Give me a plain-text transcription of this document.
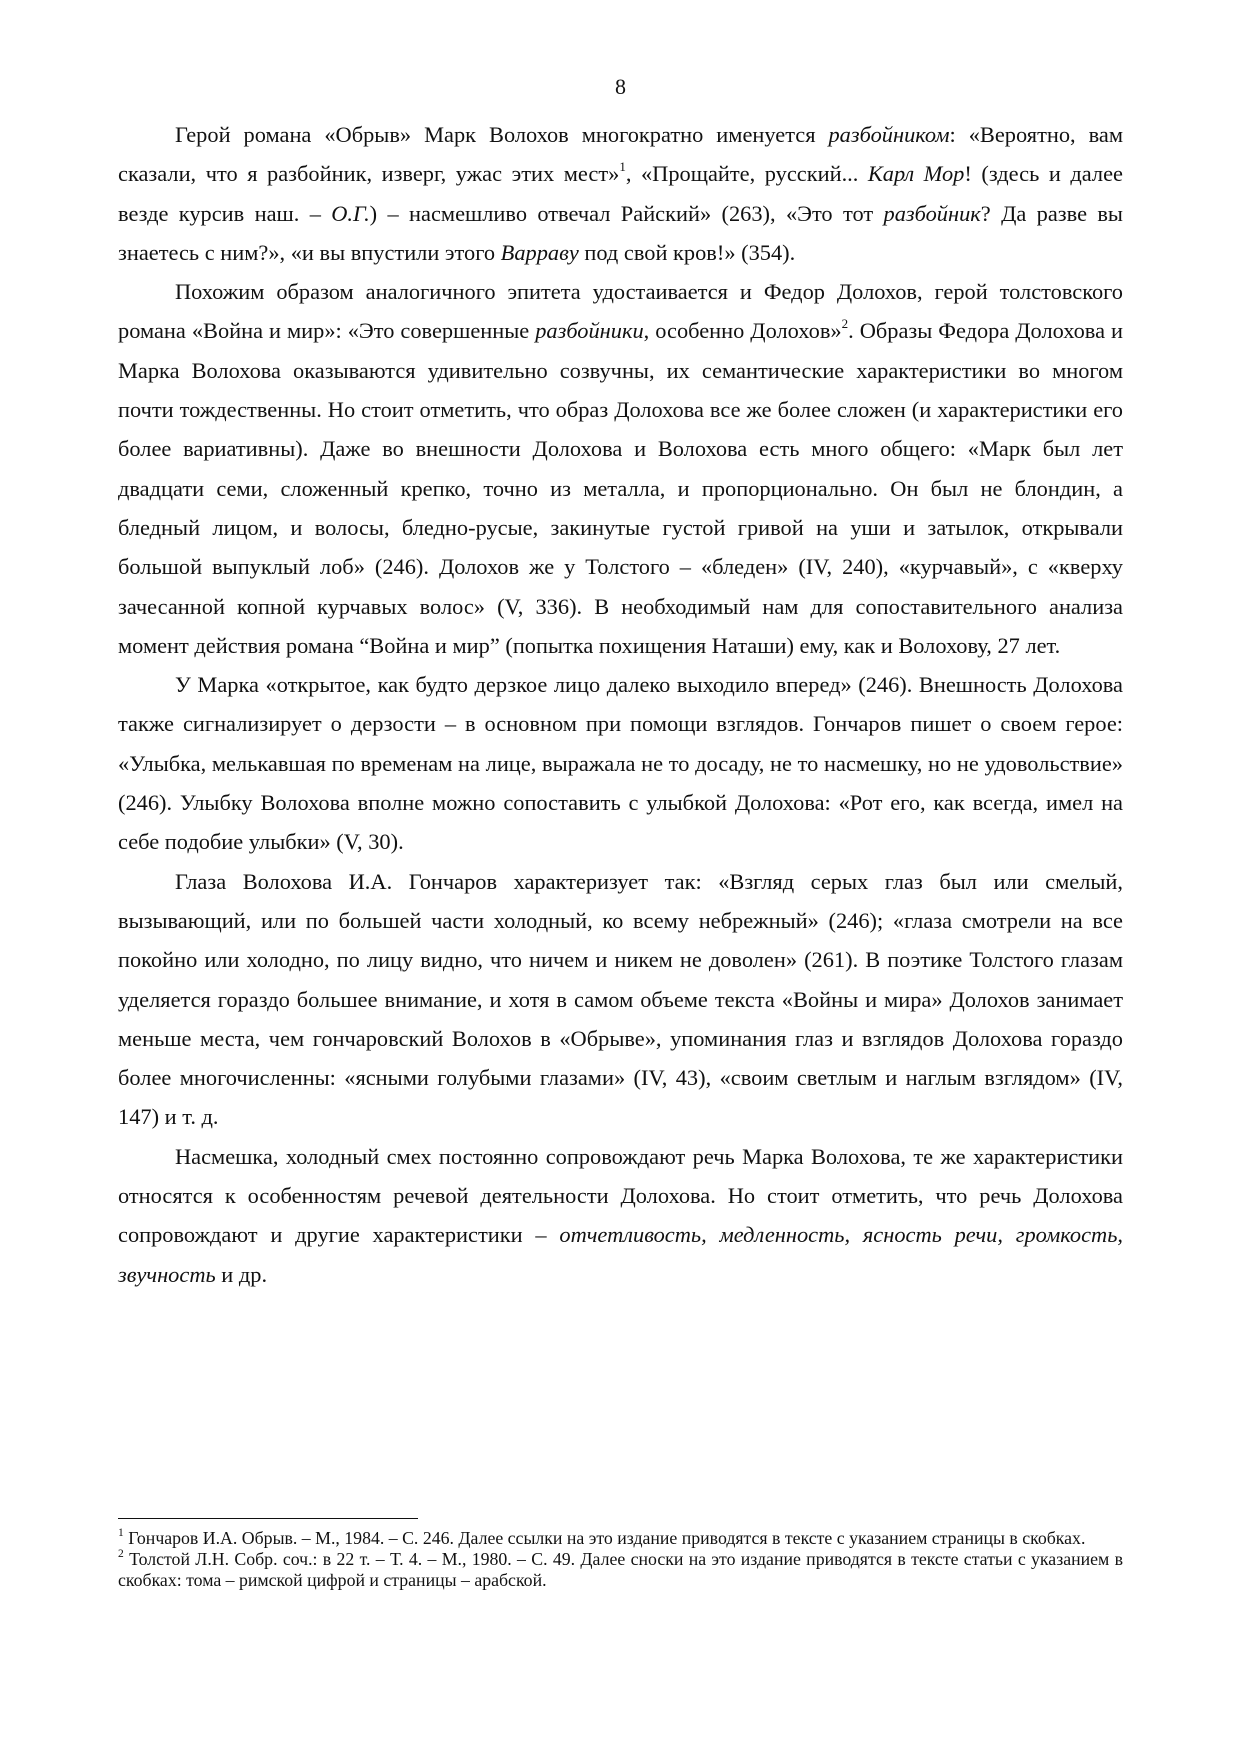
8

Герой романа «Обрыв» Марк Волохов многократно именуется разбойником: «Вероятно, вам сказали, что я разбойник, изверг, ужас этих мест»$^1$, «Прощайте, русский... Карл Мор! (здесь и далее везде курсив наш. – О.Г.) – насмешливо отвечал Райский» (263), «Это тот разбойник? Да разве вы знаетесь с ним?», «и вы впустили этого Варраву под свой кров!» (354).

Похожим образом аналогичного эпитета удостаивается и Федор Долохов, герой толстовского романа «Война и мир»: «Это совершенные разбойники, особенно Долохов»$^2$. Образы Федора Долохова и Марка Волохова оказываются удивительно созвучны, их семантические характеристики во многом почти тождественны. Но стоит отметить, что образ Долохова все же более сложен (и характеристики его более вариативны). Даже во внешности Долохова и Волохова есть много общего: «Марк был лет двадцати семи, сложенный крепко, точно из металла, и пропорционально. Он был не блондин, а бледный лицом, и волосы, бледно-русые, закинутые густой гривой на уши и затылок, открывали большой выпуклый лоб» (246). Долохов же у Толстого – «бледен» (IV, 240), «курчавый», с «кверху зачесанной копной курчавых волос» (V, 336). В необходимый нам для сопоставительного анализа момент действия романа “Война и мир” (попытка похищения Наташи) ему, как и Волохову, 27 лет.

У Марка «открытое, как будто дерзкое лицо далеко выходило вперед» (246). Внешность Долохова также сигнализирует о дерзости – в основном при помощи взглядов. Гончаров пишет о своем герое: «Улыбка, мелькавшая по временам на лице, выражала не то досаду, не то насмешку, но не удовольствие» (246). Улыбку Волохова вполне можно сопоставить с улыбкой Долохова: «Рот его, как всегда, имел на себе подобие улыбки» (V, 30).

Глаза Волохова И.А. Гончаров характеризует так: «Взгляд серых глаз был или смелый, вызывающий, или по большей части холодный, ко всему небрежный» (246); «глаза смотрели на все покойно или холодно, по лицу видно, что ничем и никем не доволен» (261). В поэтике Толстого глазам уделяется гораздо большее внимание, и хотя в самом объеме текста «Войны и мира» Долохов занимает меньше места, чем гончаровский Волохов в «Обрыве», упоминания глаз и взглядов Долохова гораздо более многочисленны: «ясными голубыми глазами» (IV, 43), «своим светлым и наглым взглядом» (IV, 147) и т. д.

Насмешка, холодный смех постоянно сопровождают речь Марка Волохова, те же характеристики относятся к особенностям речевой деятельности Долохова. Но стоит отметить, что речь Долохова сопровождают и другие характеристики – отчетливость, медленность, ясность речи, громкость, звучность и др.

$^1$ Гончаров И.А. Обрыв. – М., 1984. – С. 246. Далее ссылки на это издание приводятся в тексте с указанием страницы в скобках.

$^2$ Толстой Л.Н. Собр. соч.: в 22 т. – Т. 4. – М., 1980. – С. 49. Далее сноски на это издание приводятся в тексте статьи с указанием в скобках: тома – римской цифрой и страницы – арабской.
